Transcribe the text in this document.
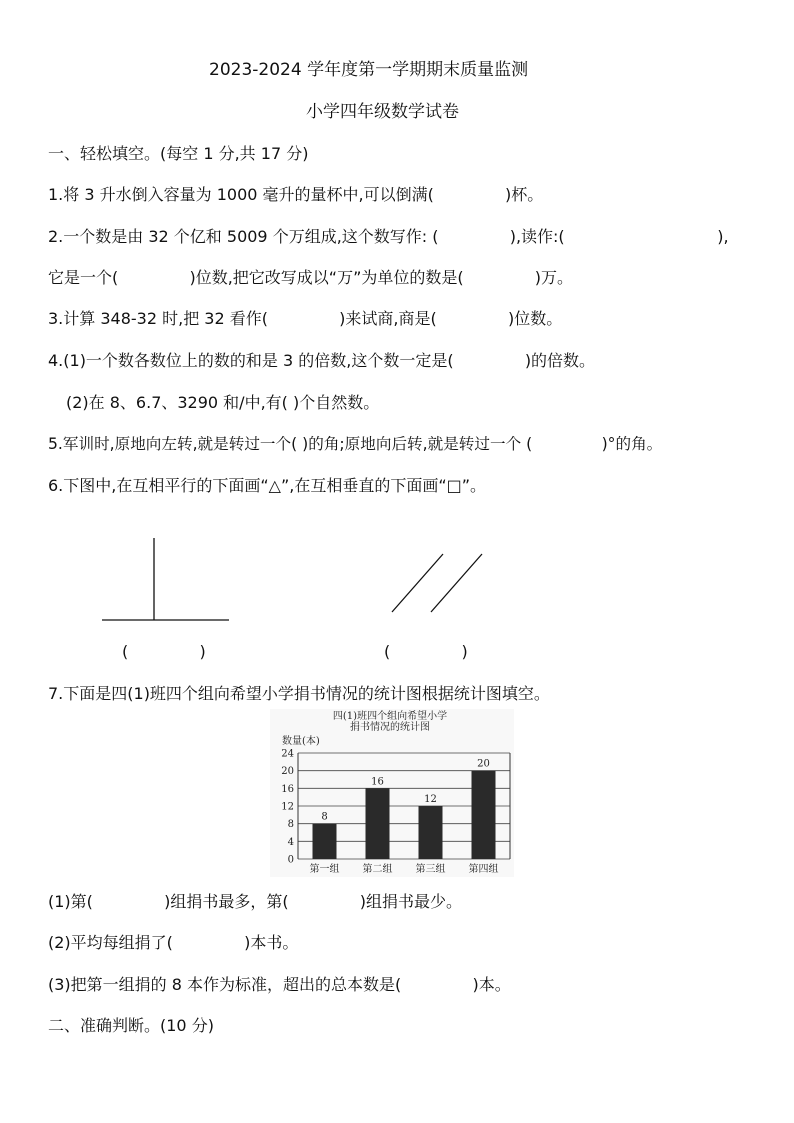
2023-2024 学年度第一学期期末质量监测
小学四年级数学试卷
一、轻松填空。(每空 1 分,共 17 分)
1.将 3 升水倒入容量为 1000 毫升的量杯中,可以倒满(              )杯。
2.一个数是由 32 个亿和 5009 个万组成,这个数写作: (              ),读作:(                              ),
它是一个(              )位数,把它改写成以“万”为单位的数是(              )万。
3.计算 348-32 时,把 32 看作(              )来试商,商是(              )位数。
4.(1)一个数各数位上的数的和是 3 的倍数,这个数一定是(              )的倍数。
(2)在 8、6.7、3290 和/中,有( )个自然数。
5.军训时,原地向左转,就是转过一个( )的角;原地向后转,就是转过一个 (              )°的角。
6.下图中,在互相平行的下面画“△”,在互相垂直的下面画“□”。
(              )	(              )
7.下面是四(1)班四个组向希望小学捐书情况的统计图根据统计图填空。
四(1)班四个组向希望小学
捐书情况的统计图
数量(本)
0
4
8
12
16
20
24
8
16
12
20
第一组 第二组 第三组 第四组
(1)第(              )组捐书最多，第(              )组捐书最少。
(2)平均每组捐了(              )本书。
(3)把第一组捐的 8 本作为标准，超出的总本数是(              )本。
二、准确判断。(10 分)
